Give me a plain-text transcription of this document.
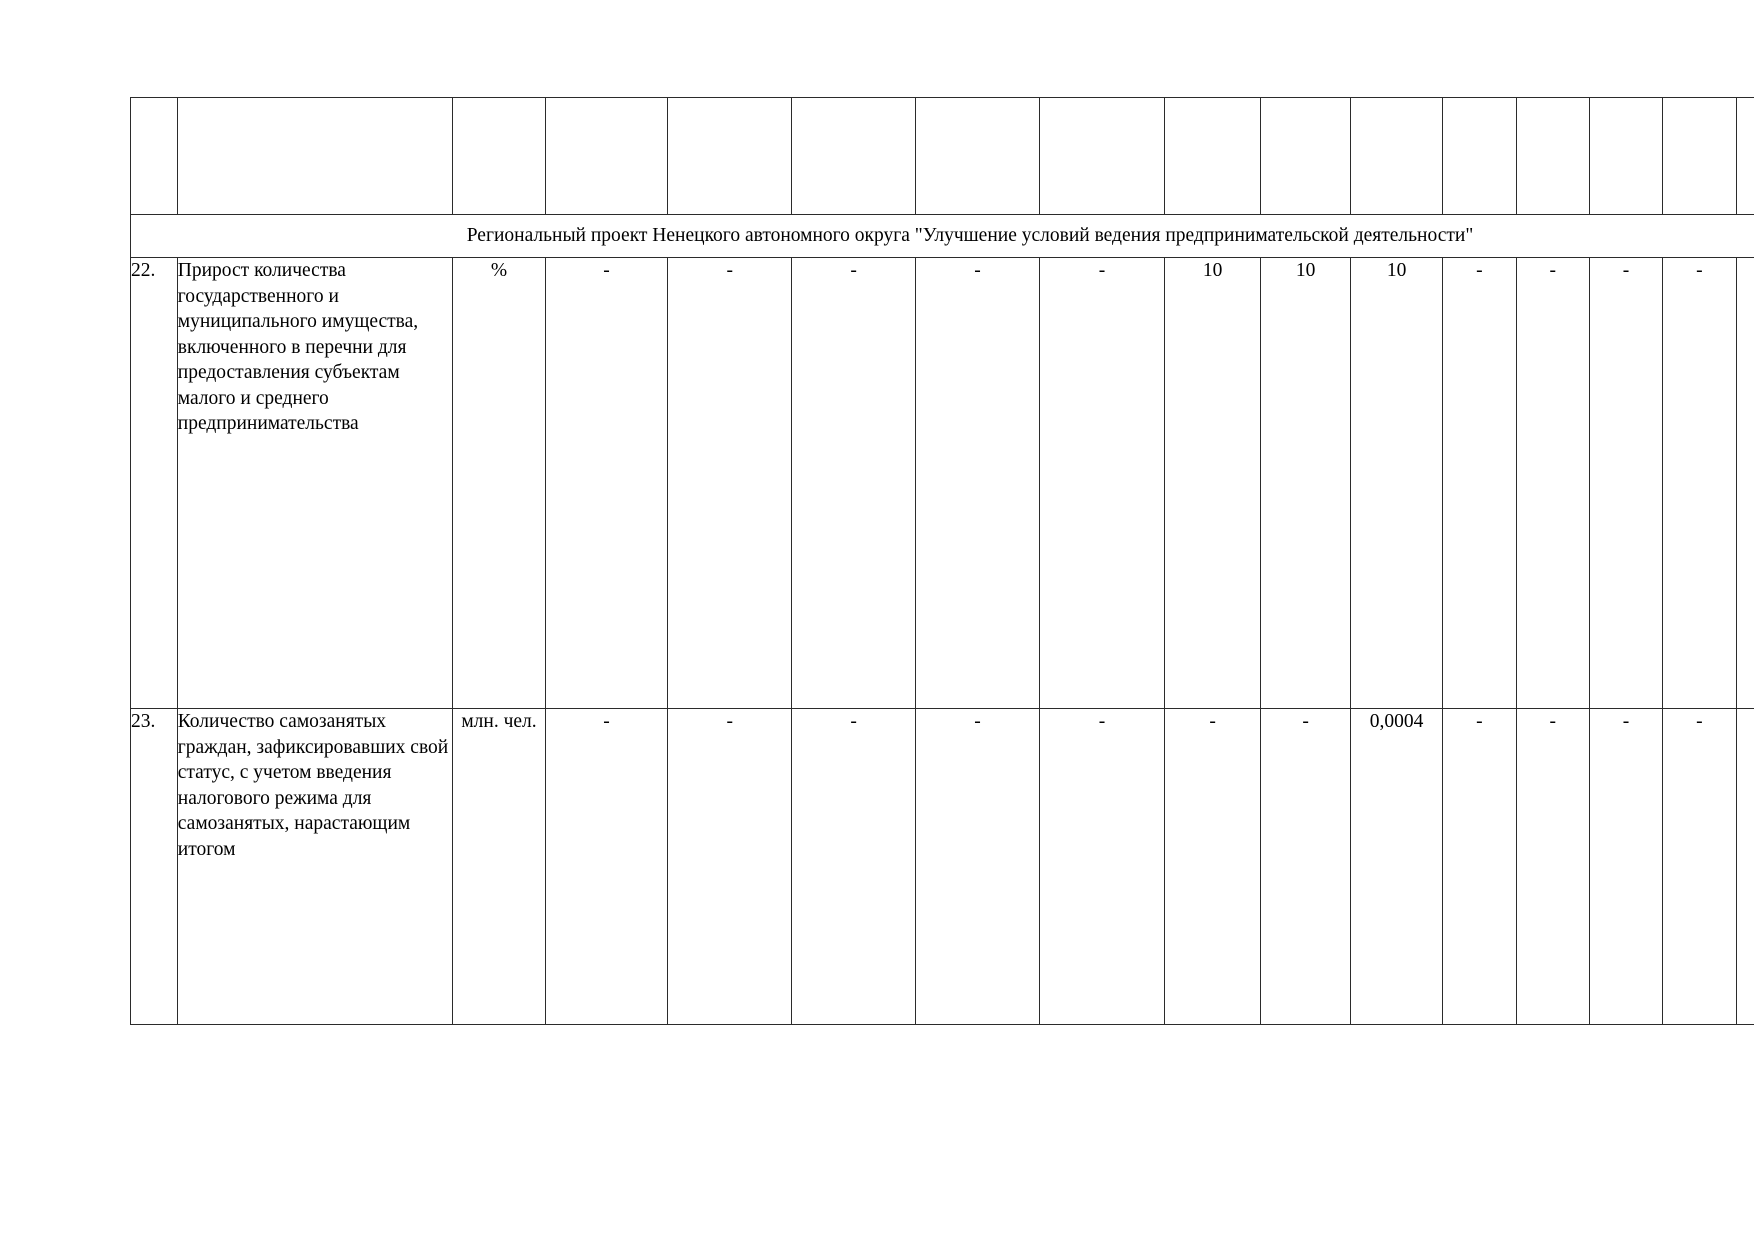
Региональный проект Ненецкого автономного округа "Улучшение условий ведения предпринимательской деятельности"															
22.	Прирост количества государственного и муниципального имущества, включенного в перечни для предоставления субъектам малого и среднего предпринимательства	%	-	-	-	-	-	10	10	10	-	-	-	-	
23.	Количество самозанятых граждан, зафиксировавших свой статус, с учетом введения налогового режима для самозанятых, нарастающим итогом	млн. чел.	-	-	-	-	-	-	-	0,0004	-	-	-	-	
